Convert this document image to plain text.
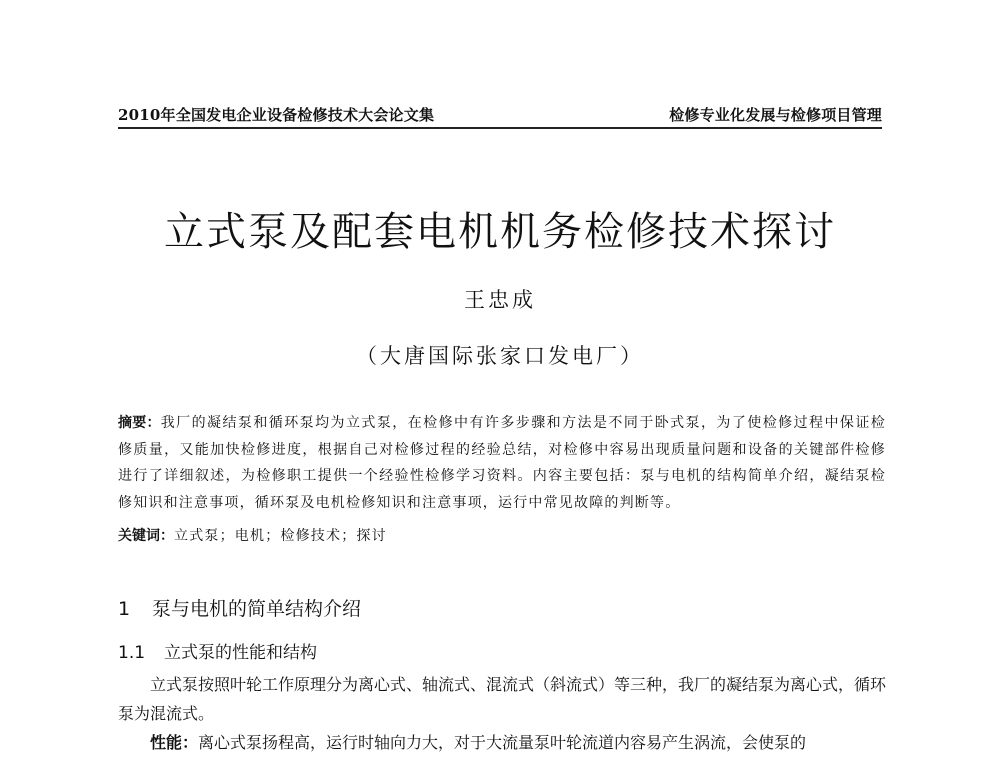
2010年全国发电企业设备检修技术大会论文集	检修专业化发展与检修项目管理
立式泵及配套电机机务检修技术探讨
王忠成
（大唐国际张家口发电厂）
摘要：我厂的凝结泵和循环泵均为立式泵，在检修中有许多步骤和方法是不同于卧式泵，为了使检修过程中保证检修质量，又能加快检修进度，根据自己对检修过程的经验总结，对检修中容易出现质量问题和设备的关键部件检修进行了详细叙述，为检修职工提供一个经验性检修学习资料。内容主要包括：泵与电机的结构简单介绍，凝结泵检修知识和注意事项，循环泵及电机检修知识和注意事项，运行中常见故障的判断等。
关键词：立式泵；电机；检修技术；探讨
1 泵与电机的简单结构介绍
1.1 立式泵的性能和结构

立式泵按照叶轮工作原理分为离心式、轴流式、混流式（斜流式）等三种，我厂的凝结泵为离心式，循环泵为混流式。

性能：离心式泵扬程高，运行时轴向力大，对于大流量泵叶轮流道内容易产生涡流，会使泵的
